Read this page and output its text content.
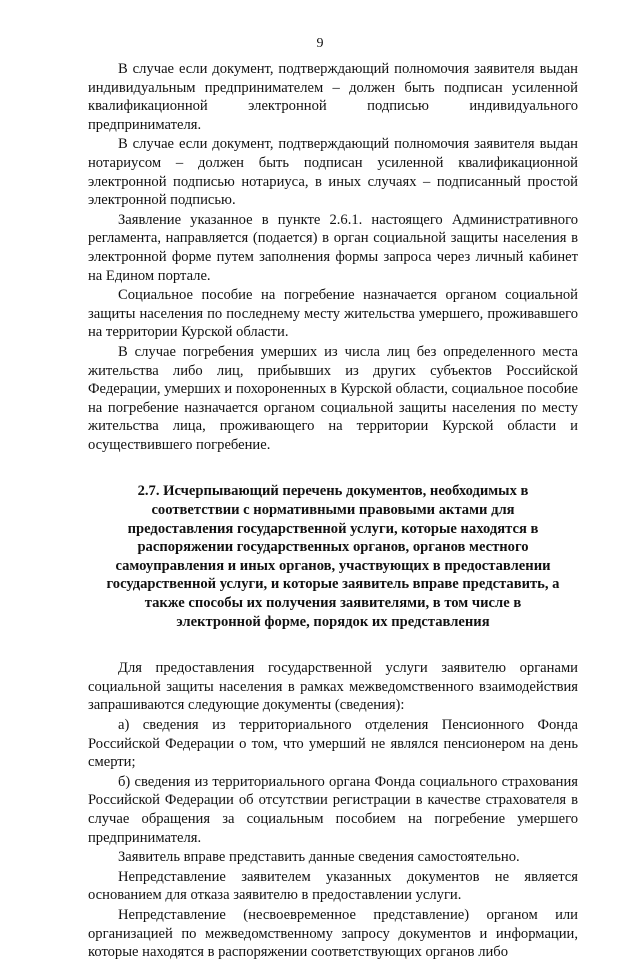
9

В случае если документ, подтверждающий полномочия заявителя выдан индивидуальным предпринимателем – должен быть подписан усиленной квалификационной электронной подписью индивидуального предпринимателя.

В случае если документ, подтверждающий полномочия заявителя выдан нотариусом – должен быть подписан усиленной квалификационной электронной подписью нотариуса, в иных случаях – подписанный простой электронной подписью.

Заявление указанное в пункте 2.6.1. настоящего Административного регламента, направляется (подается) в орган социальной защиты населения в электронной форме путем заполнения формы запроса через личный кабинет на Едином портале.

Социальное пособие на погребение назначается органом социальной защиты населения по последнему месту жительства умершего, проживавшего на территории Курской области.

В случае погребения умерших из числа лиц без определенного места жительства либо лиц, прибывших из других субъектов Российской Федерации, умерших и похороненных в Курской области, социальное пособие на погребение назначается органом социальной защиты населения по месту жительства лица, проживающего на территории Курской области и осуществившего погребение.

2.7. Исчерпывающий перечень документов, необходимых в соответствии с нормативными правовыми актами для предоставления государственной услуги, которые находятся в распоряжении государственных органов, органов местного самоуправления и иных органов, участвующих в предоставлении государственной услуги, и которые заявитель вправе представить, а также способы их получения заявителями, в том числе в электронной форме, порядок их представления

Для предоставления государственной услуги заявителю органами социальной защиты населения в рамках межведомственного взаимодействия запрашиваются следующие документы (сведения):

а) сведения из территориального отделения Пенсионного Фонда Российской Федерации о том, что умерший не являлся пенсионером на день смерти;

б) сведения из территориального органа Фонда социального страхования Российской Федерации об отсутствии регистрации в качестве страхователя в случае обращения за социальным пособием на погребение умершего предпринимателя.

Заявитель вправе представить данные сведения самостоятельно.

Непредставление заявителем указанных документов не является основанием для отказа заявителю в предоставлении услуги.

Непредставление (несвоевременное представление) органом или организацией по межведомственному запросу документов и информации, которые находятся в распоряжении соответствующих органов либо
